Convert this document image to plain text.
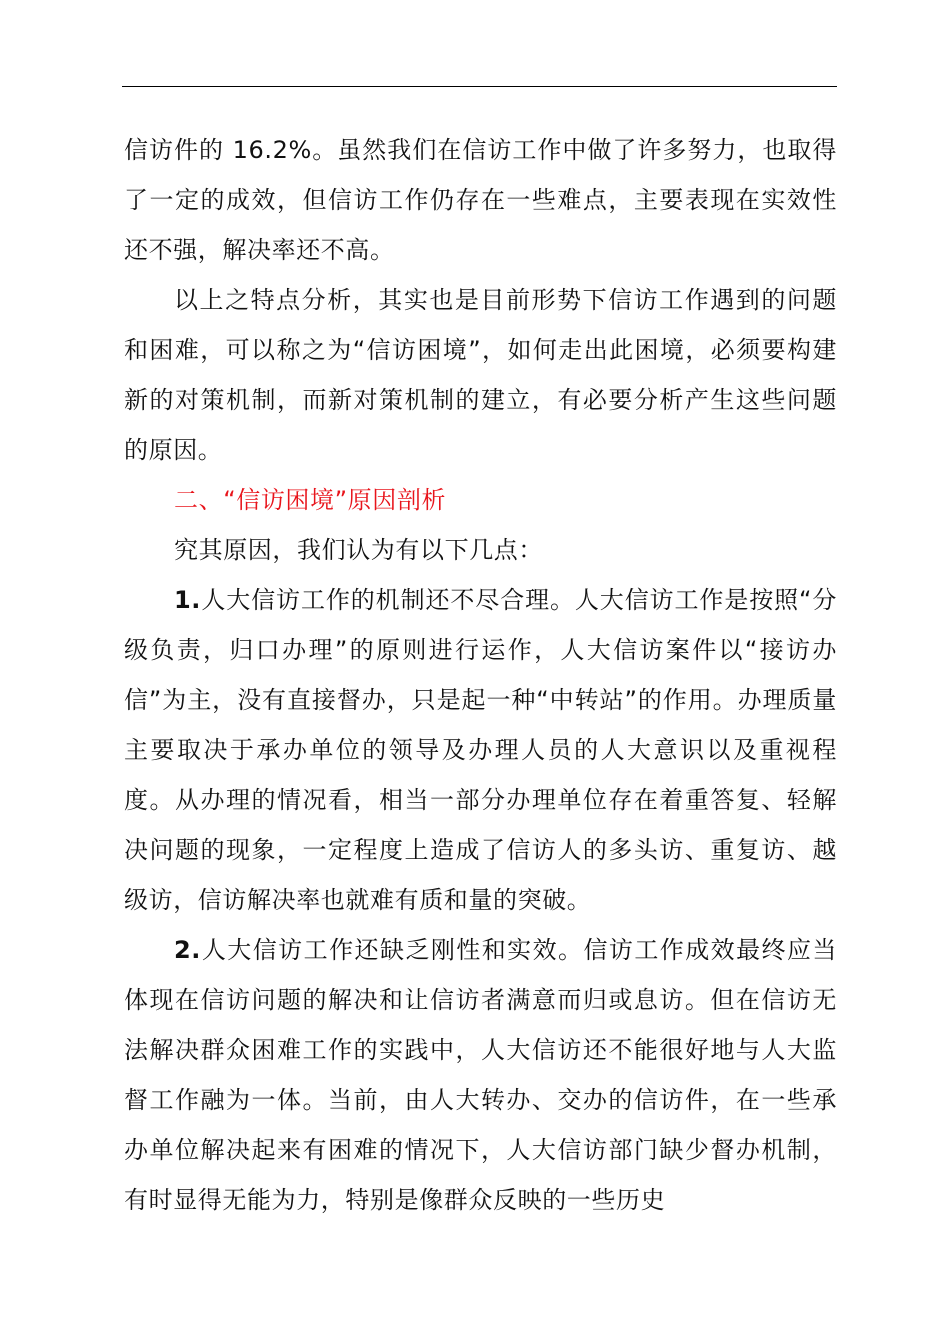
信访件的 16.2%。虽然我们在信访工作中做了许多努力，也取得了一定的成效，但信访工作仍存在一些难点，主要表现在实效性还不强，解决率还不高。

以上之特点分析，其实也是目前形势下信访工作遇到的问题和困难，可以称之为“信访困境”，如何走出此困境，必须要构建新的对策机制，而新对策机制的建立，有必要分析产生这些问题的原因。

二、“信访困境”原因剖析

究其原因，我们认为有以下几点：

1.人大信访工作的机制还不尽合理。人大信访工作是按照“分级负责，归口办理”的原则进行运作，人大信访案件以“接访办信”为主，没有直接督办，只是起一种“中转站”的作用。办理质量主要取决于承办单位的领导及办理人员的人大意识以及重视程度。从办理的情况看，相当一部分办理单位存在着重答复、轻解决问题的现象，一定程度上造成了信访人的多头访、重复访、越级访，信访解决率也就难有质和量的突破。

2.人大信访工作还缺乏刚性和实效。信访工作成效最终应当体现在信访问题的解决和让信访者满意而归或息访。但在信访无法解决群众困难工作的实践中，人大信访还不能很好地与人大监督工作融为一体。当前，由人大转办、交办的信访件，在一些承办单位解决起来有困难的情况下，人大信访部门缺少督办机制，有时显得无能为力，特别是像群众反映的一些历史
